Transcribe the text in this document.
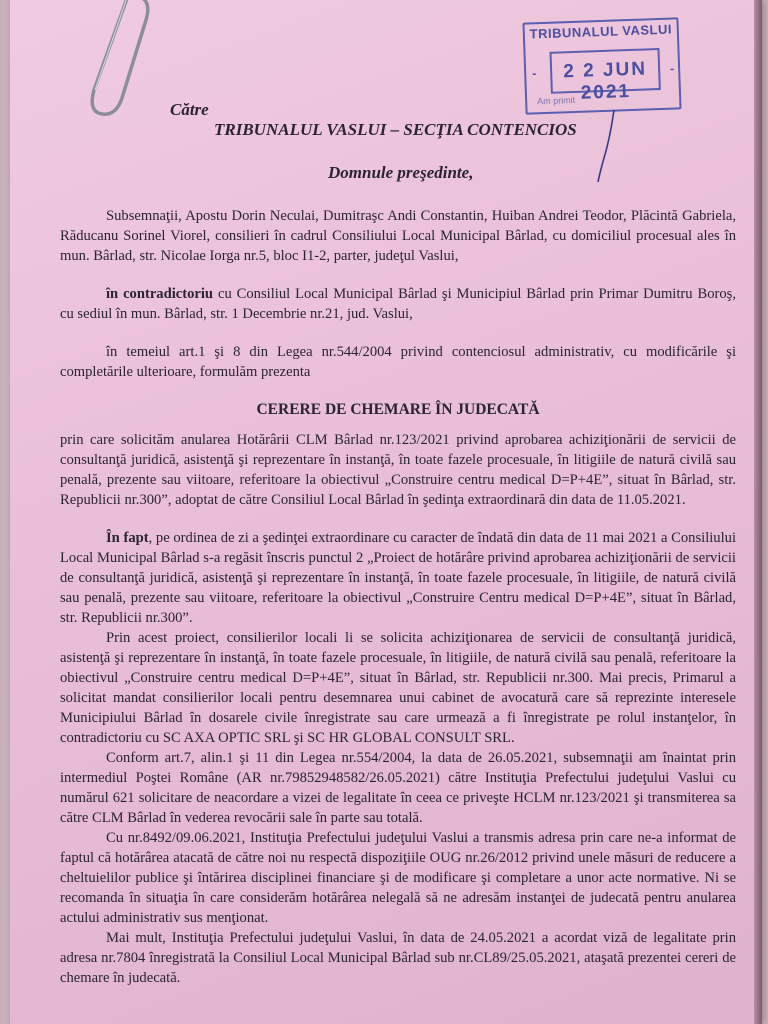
TRIBUNALUL VASLUI
2 2 JUN 2021
-	-
Am primit
Către
TRIBUNALUL VASLUI – SECŢIA CONTENCIOS
Domnule preşedinte,

Subsemnaţii, Apostu Dorin Neculai, Dumitraşc Andi Constantin, Huiban Andrei Teodor, Plăcintă Gabriela, Răducanu Sorinel Viorel, consilieri în cadrul Consiliului Local Municipal Bârlad, cu domiciliul procesual ales în mun. Bârlad, str. Nicolae Iorga nr.5, bloc I1-2, parter, judeţul Vaslui,

în contradictoriu cu Consiliul Local Municipal Bârlad şi Municipiul Bârlad prin Primar Dumitru Boroş, cu sediul în mun. Bârlad, str. 1 Decembrie nr.21, jud. Vaslui,

în temeiul art.1 şi 8 din Legea nr.544/2004 privind contenciosul administrativ, cu modificările şi completările ulterioare, formulăm prezenta

CERERE DE CHEMARE ÎN JUDECATĂ

prin care solicităm anularea Hotărârii CLM Bârlad nr.123/2021 privind aprobarea achiziţionării de servicii de consultanţă juridică, asistenţă şi reprezentare în instanţă, în toate fazele procesuale, în litigiile de natură civilă sau penală, prezente sau viitoare, referitoare la obiectivul „Construire centru medical D=P+4E”, situat în Bârlad, str. Republicii nr.300”, adoptat de către Consiliul Local Bârlad în şedinţa extraordinară din data de 11.05.2021.

În fapt, pe ordinea de zi a şedinţei extraordinare cu caracter de îndată din data de 11 mai 2021 a Consiliului Local Municipal Bârlad s-a regăsit înscris punctul 2 „Proiect de hotărâre privind aprobarea achiziţionării de servicii de consultanţă juridică, asistenţă şi reprezentare în instanţă, în toate fazele procesuale, în litigiile, de natură civilă sau penală, prezente sau viitoare, referitoare la obiectivul „Construire Centru medical D=P+4E”, situat în Bârlad, str. Republicii nr.300”.

Prin acest proiect, consilierilor locali li se solicita achiziţionarea de servicii de consultanţă juridică, asistenţă şi reprezentare în instanţă, în toate fazele procesuale, în litigiile, de natură civilă sau penală, referitoare la obiectivul „Construire centru medical D=P+4E”, situat în Bârlad, str. Republicii nr.300. Mai precis, Primarul a solicitat mandat consilierilor locali pentru desemnarea unui cabinet de avocatură care să reprezinte interesele Municipiului Bârlad în dosarele civile înregistrate sau care urmează a fi înregistrate pe rolul instanţelor, în contradictoriu cu SC AXA OPTIC SRL şi SC HR GLOBAL CONSULT SRL.

Conform art.7, alin.1 şi 11 din Legea nr.554/2004, la data de 26.05.2021, subsemnaţii am înaintat prin intermediul Poştei Române (AR nr.79852948582/26.05.2021) către Instituţia Prefectului judeţului Vaslui cu numărul 621 solicitare de neacordare a vizei de legalitate în ceea ce priveşte HCLM nr.123/2021 şi transmiterea sa către CLM Bârlad în vederea revocării sale în parte sau totală.

Cu nr.8492/09.06.2021, Instituţia Prefectului judeţului Vaslui a transmis adresa prin care ne-a informat de faptul că hotărârea atacată de către noi nu respectă dispoziţiile OUG nr.26/2012 privind unele măsuri de reducere a cheltuielilor publice şi întărirea disciplinei financiare şi de modificare şi completare a unor acte normative. Ni se recomanda în situaţia în care considerăm hotărârea nelegală să ne adresăm instanţei de judecată pentru anularea actului administrativ sus menţionat.

Mai mult, Instituţia Prefectului judeţului Vaslui, în data de 24.05.2021 a acordat viză de legalitate prin adresa nr.7804 înregistrată la Consiliul Local Municipal Bârlad sub nr.CL89/25.05.2021, ataşată prezentei cereri de chemare în judecată.
